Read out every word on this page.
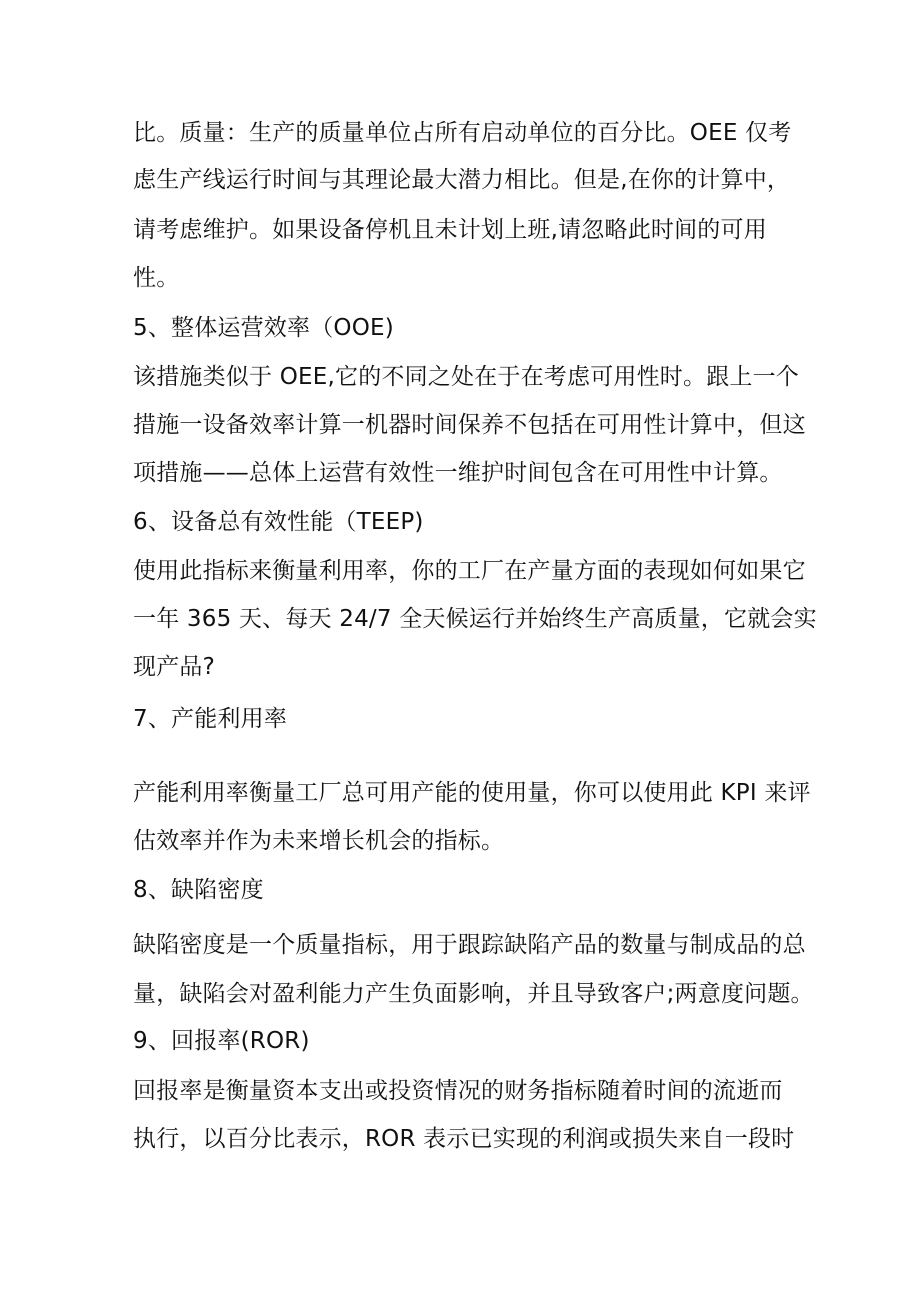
比。质量：生产的质量单位占所有启动单位的百分比。OEE 仅考
虑生产线运行时间与其理论最大潜力相比。但是,在你的计算中，
请考虑维护。如果设备停机且未计划上班,请忽略此时间的可用
性。
5、整体运营效率（OOE)
该措施类似于 OEE,它的不同之处在于在考虑可用性时。跟上一个
措施一设备效率计算一机器时间保养不包括在可用性计算中，但这
项措施——总体上运营有效性一维护时间包含在可用性中计算。
6、设备总有效性能（TEEP)
使用此指标来衡量利用率，你的工厂在产量方面的表现如何如果它
一年 365 天、每天 24/7 全天候运行并始终生产高质量，它就会实
现产品?
7、产能利用率
产能利用率衡量工厂总可用产能的使用量，你可以使用此 KPI 来评
估效率并作为未来增长机会的指标。
8、缺陷密度
缺陷密度是一个质量指标，用于跟踪缺陷产品的数量与制成品的总
量，缺陷会对盈利能力产生负面影响，并且导致客户;两意度问题。
9、回报率(ROR)
回报率是衡量资本支出或投资情况的财务指标随着时间的流逝而
执行，以百分比表示，ROR 表示已实现的利润或损失来自一段时
